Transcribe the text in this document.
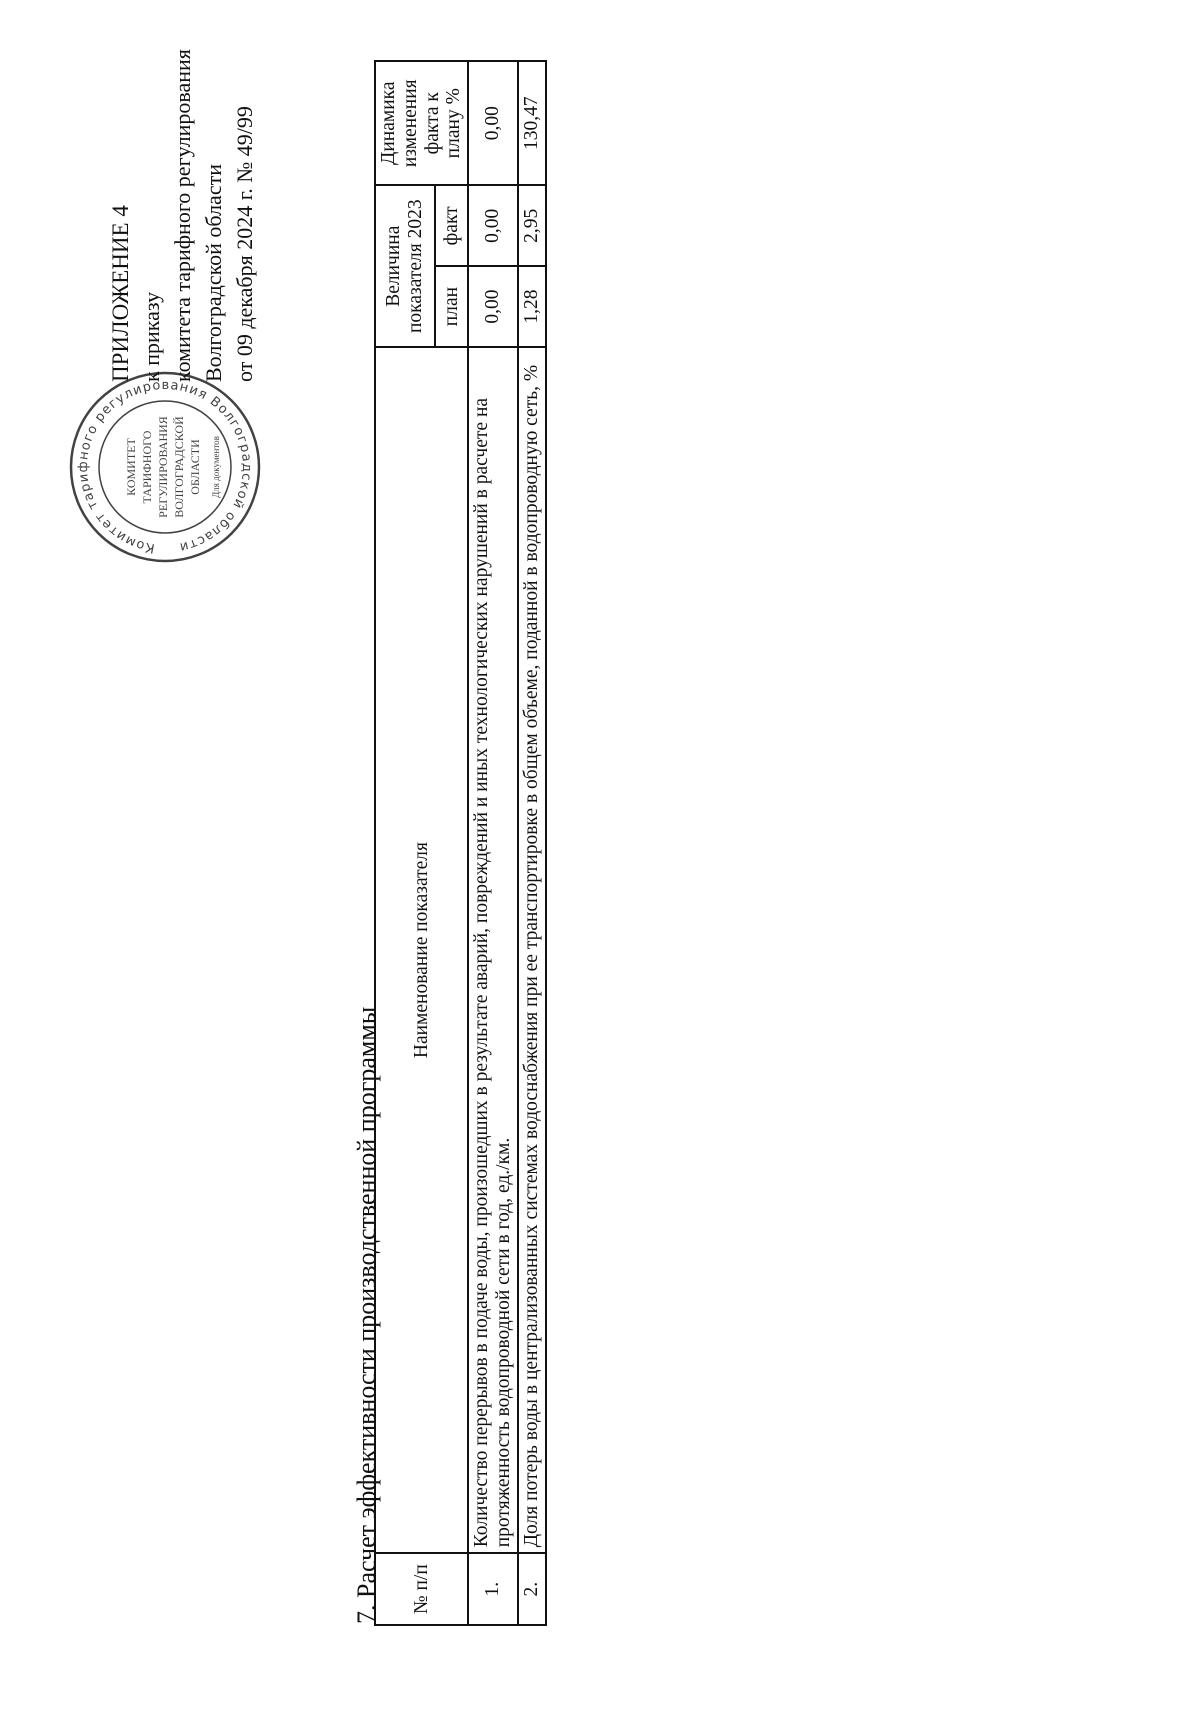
Комитет тарифного регулирования Волгоградской области
КОМИТЕТ ТАРИФНОГО РЕГУЛИРОВАНИЯ ВОЛГОГРАДСКОЙ ОБЛАСТИ Для документов
ПРИЛОЖЕНИЕ 4 к приказу комитета тарифного регулирования Волгоградской области от 09 декабря 2024 г. № 49/99
7. Расчет эффективности производственной программы № п/п	Наименование показателя	Величина показателя 2023		Динамика изменения факта к плану %
		план	факт	
1.	Количество перерывов в подаче воды, произошедших в результате аварий, повреждений и иных технологических нарушений в расчете на протяженность водопроводной сети в год, ед./км.	0,00	0,00	0,00
2.	Доля потерь воды в централизованных системах водоснабжения при ее транспортировке в общем объеме, поданной в водопроводную сеть, %	1,28	2,95	130,47
